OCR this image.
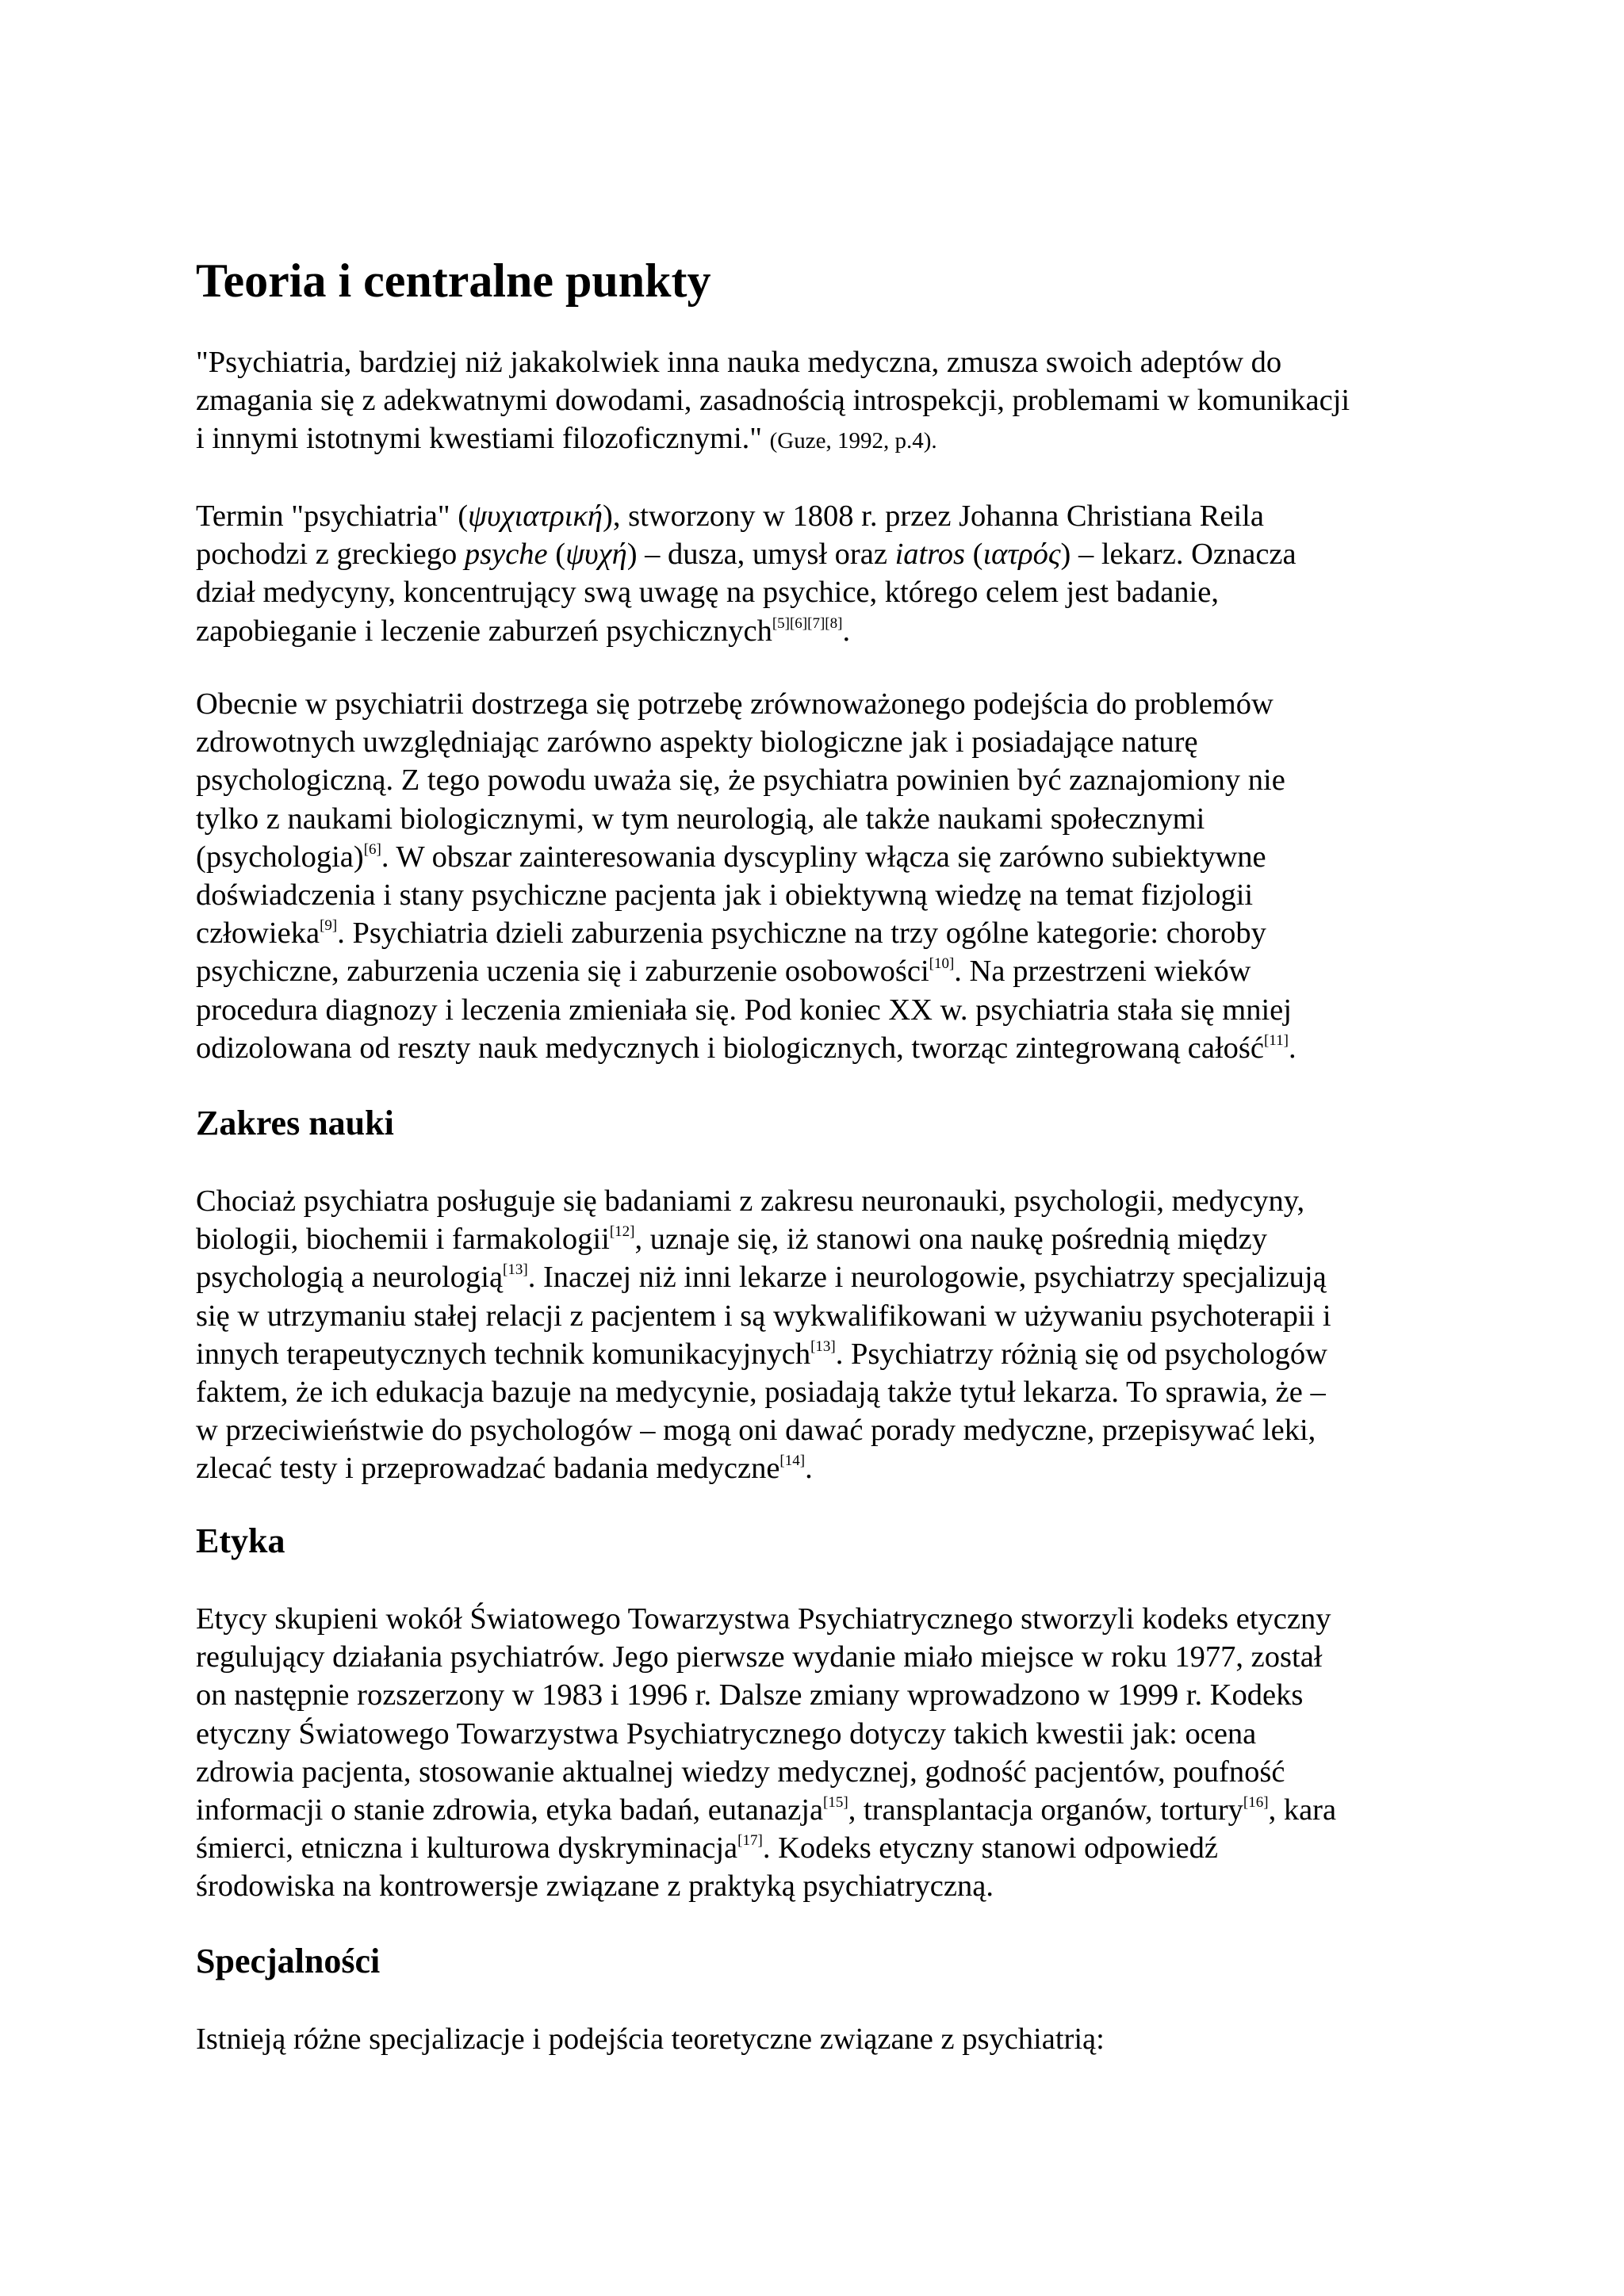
Teoria i centralne punkty

"Psychiatria, bardziej niż jakakolwiek inna nauka medyczna, zmusza swoich adeptów do
zmagania się z adekwatnymi dowodami, zasadnością introspekcji, problemami w komunikacji
i innymi istotnymi kwestiami filozoficznymi." (Guze, 1992, p.4).

Termin "psychiatria" (ψυχιατρική), stworzony w 1808 r. przez Johanna Christiana Reila
pochodzi z greckiego psyche (ψυχή) – dusza, umysł oraz iatros (ιατρός) – lekarz. Oznacza
dział medycyny, koncentrujący swą uwagę na psychice, którego celem jest badanie,
zapobieganie i leczenie zaburzeń psychicznych[5][6][7][8].

Obecnie w psychiatrii dostrzega się potrzebę zrównoważonego podejścia do problemów
zdrowotnych uwzględniając zarówno aspekty biologiczne jak i posiadające naturę
psychologiczną. Z tego powodu uważa się, że psychiatra powinien być zaznajomiony nie
tylko z naukami biologicznymi, w tym neurologią, ale także naukami społecznymi
(psychologia)[6]. W obszar zainteresowania dyscypliny włącza się zarówno subiektywne
doświadczenia i stany psychiczne pacjenta jak i obiektywną wiedzę na temat fizjologii
człowieka[9]. Psychiatria dzieli zaburzenia psychiczne na trzy ogólne kategorie: choroby
psychiczne, zaburzenia uczenia się i zaburzenie osobowości[10]. Na przestrzeni wieków
procedura diagnozy i leczenia zmieniała się. Pod koniec XX w. psychiatria stała się mniej
odizolowana od reszty nauk medycznych i biologicznych, tworząc zintegrowaną całość[11].

Zakres nauki

Chociaż psychiatra posługuje się badaniami z zakresu neuronauki, psychologii, medycyny,
biologii, biochemii i farmakologii[12], uznaje się, iż stanowi ona naukę pośrednią między
psychologią a neurologią[13]. Inaczej niż inni lekarze i neurologowie, psychiatrzy specjalizują
się w utrzymaniu stałej relacji z pacjentem i są wykwalifikowani w używaniu psychoterapii i
innych terapeutycznych technik komunikacyjnych[13]. Psychiatrzy różnią się od psychologów
faktem, że ich edukacja bazuje na medycynie, posiadają także tytuł lekarza. To sprawia, że –
w przeciwieństwie do psychologów – mogą oni dawać porady medyczne, przepisywać leki,
zlecać testy i przeprowadzać badania medyczne[14].

Etyka

Etycy skupieni wokół Światowego Towarzystwa Psychiatrycznego stworzyli kodeks etyczny
regulujący działania psychiatrów. Jego pierwsze wydanie miało miejsce w roku 1977, został
on następnie rozszerzony w 1983 i 1996 r. Dalsze zmiany wprowadzono w 1999 r. Kodeks
etyczny Światowego Towarzystwa Psychiatrycznego dotyczy takich kwestii jak: ocena
zdrowia pacjenta, stosowanie aktualnej wiedzy medycznej, godność pacjentów, poufność
informacji o stanie zdrowia, etyka badań, eutanazja[15], transplantacja organów, tortury[16], kara
śmierci, etniczna i kulturowa dyskryminacja[17]. Kodeks etyczny stanowi odpowiedź
środowiska na kontrowersje związane z praktyką psychiatryczną.

Specjalności

Istnieją różne specjalizacje i podejścia teoretyczne związane z psychiatrią:
